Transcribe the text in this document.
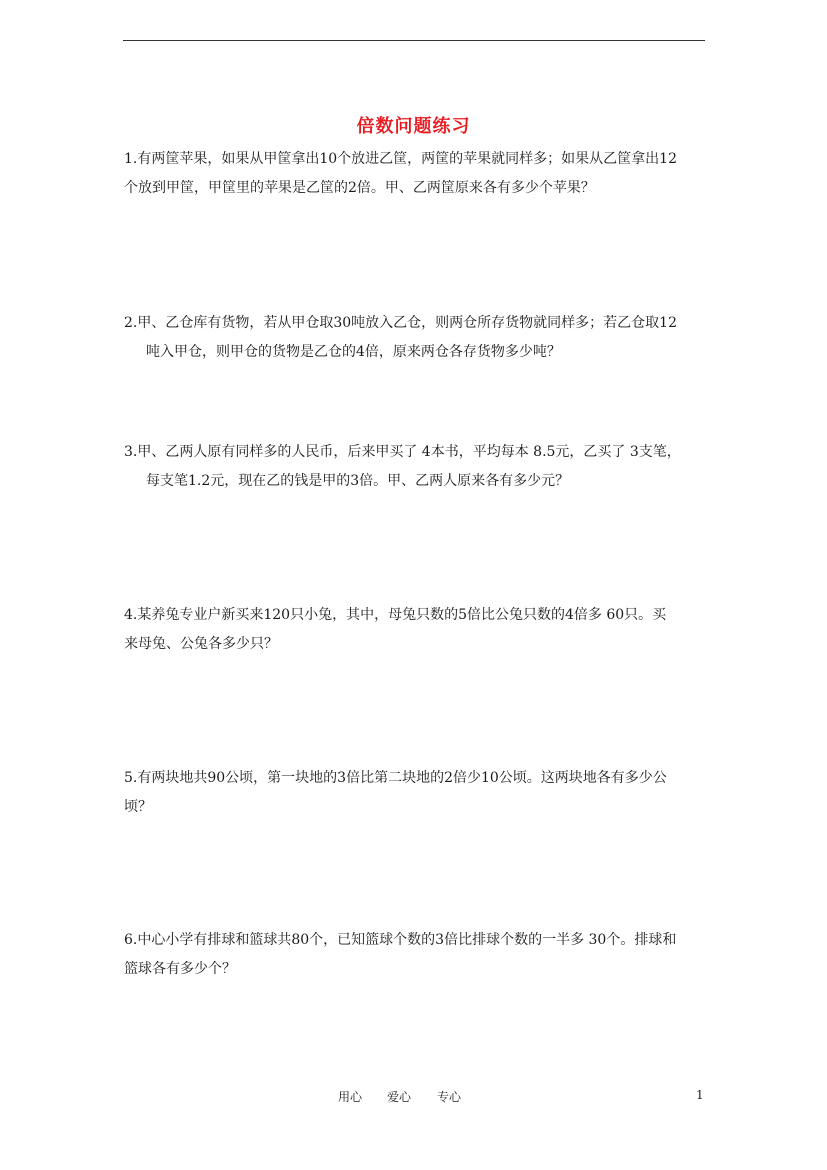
倍数问题练习

1.有两筐苹果，如果从甲筐拿出10个放进乙筐，两筐的苹果就同样多；如果从乙筐拿出12

个放到甲筐，甲筐里的苹果是乙筐的2倍。甲、乙两筐原来各有多少个苹果？

2.甲、乙仓库有货物，若从甲仓取30吨放入乙仓，则两仓所存货物就同样多；若乙仓取12

吨入甲仓，则甲仓的货物是乙仓的4倍，原来两仓各存货物多少吨？

3.甲、乙两人原有同样多的人民币，后来甲买了 4本书，平均每本 8.5元，乙买了 3支笔，

每支笔1.2元，现在乙的钱是甲的3倍。甲、乙两人原来各有多少元？

4.某养兔专业户新买来120只小兔，其中，母兔只数的5倍比公兔只数的4倍多 60只。买

来母兔、公兔各多少只？

5.有两块地共90公顷，第一块地的3倍比第二块地的2倍少10公顷。这两块地各有多少公

顷？

6.中心小学有排球和篮球共80个，已知篮球个数的3倍比排球个数的一半多 30个。排球和

篮球各有多少个？

用心 爱心 专心	1
